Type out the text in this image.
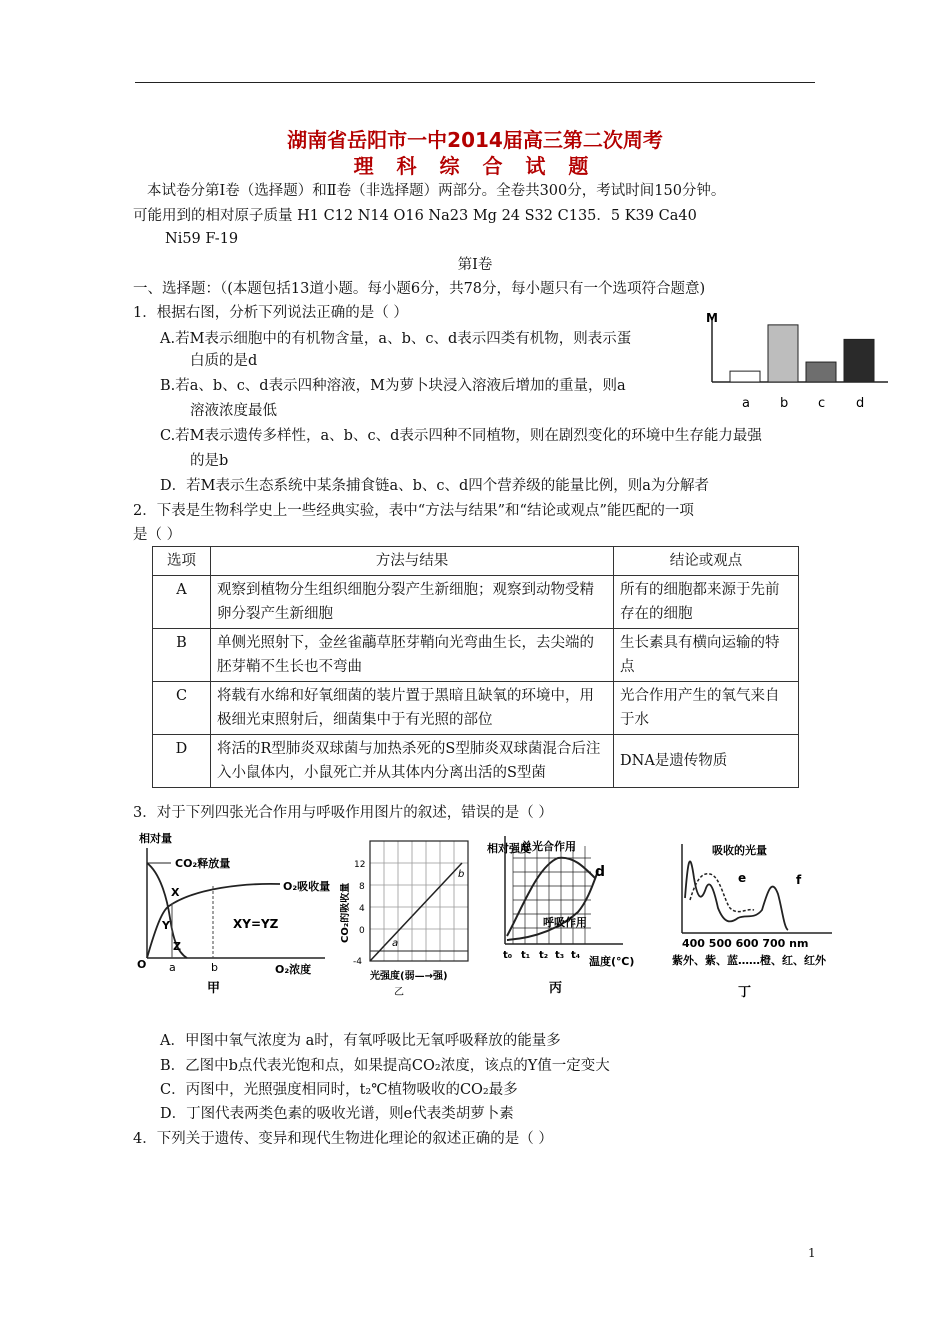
湖南省岳阳市一中2014届高三第二次周考
理 科 综 合 试 题
本试卷分第Ⅰ卷（选择题）和Ⅱ卷（非选择题）两部分。全卷共300分，考试时间150分钟。
可能用到的相对原子质量 H1 C12 N14 O16 Na23 Mg 24 S32 C135．5 K39 Ca40
Ni59 F-19
第Ⅰ卷
一、选择题：（(本题包括13道小题。每小题6分，共78分，每小题只有一个选项符合题意)
1．根据右图，分析下列说法正确的是（ ）
A.若M表示细胞中的有机物含量，a、b、c、d表示四类有机物，则表示蛋
白质的是d
B.若a、b、c、d表示四种溶液，M为萝卜块浸入溶液后增加的重量，则a
溶液浓度最低
C.若M表示遗传多样性，a、b、c、d表示四种不同植物，则在剧烈变化的环境中生存能力最强
的是b
D．若M表示生态系统中某条捕食链a、b、c、d四个营养级的能量比例，则a为分解者
M
a b c d
2．下表是生物科学史上一些经典实验，表中“方法与结果”和“结论或观点”能匹配的一项
是（ ）
选项	方法与结果	结论或观点
A	观察到植物分生组织细胞分裂产生新细胞；观察到动物受精卵分裂产生新细胞	所有的细胞都来源于先前存在的细胞
B	单侧光照射下，金丝雀虉草胚芽鞘向光弯曲生长，去尖端的胚芽鞘不生长也不弯曲	生长素具有横向运输的特点
C	将载有水绵和好氧细菌的装片置于黑暗且缺氧的环境中，用极细光束照射后，细菌集中于有光照的部位	光合作用产生的氧气来自于水
D	将活的R型肺炎双球菌与加热杀死的S型肺炎双球菌混合后注入小鼠体内，小鼠死亡并从其体内分离出活的S型菌	DNA是遗传物质
3．对于下列四张光合作用与呼吸作用图片的叙述，错误的是（ ）
相对量
CO₂释放量
O₂吸收量
X
Y
Z
XY=YZ
O a	b	O₂浓度
甲
12
8
4
0
-4
CO₂的吸收量
a
b
光强度(弱—→强)
乙
相对强度
总光合作用
d
呼吸作用
t₀ t₁ t₂ t₃ t₄ 温度(℃)
丙
吸收的光量
e	f
400 500 600 700 nm
紫外、紫、蓝……橙、红、红外
丁
A．甲图中氧气浓度为 a时，有氧呼吸比无氧呼吸释放的能量多
B．乙图中b点代表光饱和点，如果提高CO₂浓度，该点的Y值一定变大
C．丙图中，光照强度相同时，t₂℃植物吸收的CO₂最多
D．丁图代表两类色素的吸收光谱，则e代表类胡萝卜素
4．下列关于遗传、变异和现代生物进化理论的叙述正确的是（ ）
1
